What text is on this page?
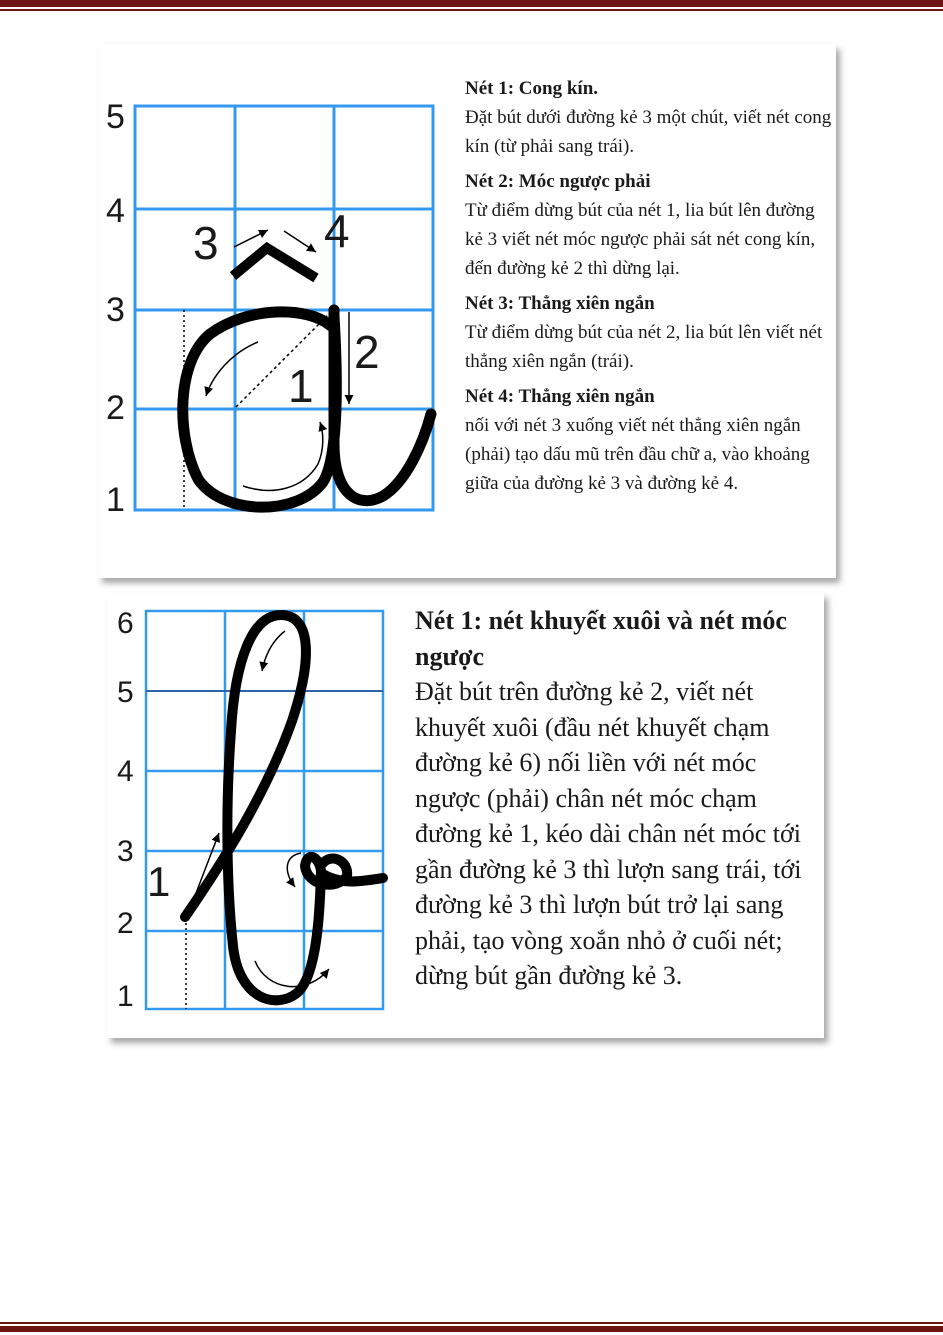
5
4
3
2
1
1
2
3 4
Nét 1: Cong kín.
Đặt bút dưới đường kẻ 3 một chút, viết nét cong kín (từ phải sang trái).
Nét 2: Móc ngược phải
Từ điểm dừng bút của nét 1, lia bút lên đường kẻ 3 viết nét móc ngược phải sát nét cong kín, đến đường kẻ 2 thì dừng lại.
Nét 3: Thẳng xiên ngắn
Từ điểm dừng bút của nét 2, lia bút lên viết nét thẳng xiên ngắn (trái).
Nét 4: Thẳng xiên ngắn
nối với nét 3 xuống viết nét thẳng xiên ngắn (phải) tạo dấu mũ trên đầu chữ a, vào khoảng giữa của đường kẻ 3 và đường kẻ 4.
6
5
4
3
2
1
1
Nét 1: nét khuyết xuôi và nét móc ngược
Đặt bút trên đường kẻ 2, viết nét khuyết xuôi (đầu nét khuyết chạm đường kẻ 6) nối liền với nét móc ngược (phải) chân nét móc chạm đường kẻ 1, kéo dài chân nét móc tới gần đường kẻ 3 thì lượn sang trái, tới đường kẻ 3 thì lượn bút trở lại sang phải, tạo vòng xoắn nhỏ ở cuối nét; dừng bút gần đường kẻ 3.
